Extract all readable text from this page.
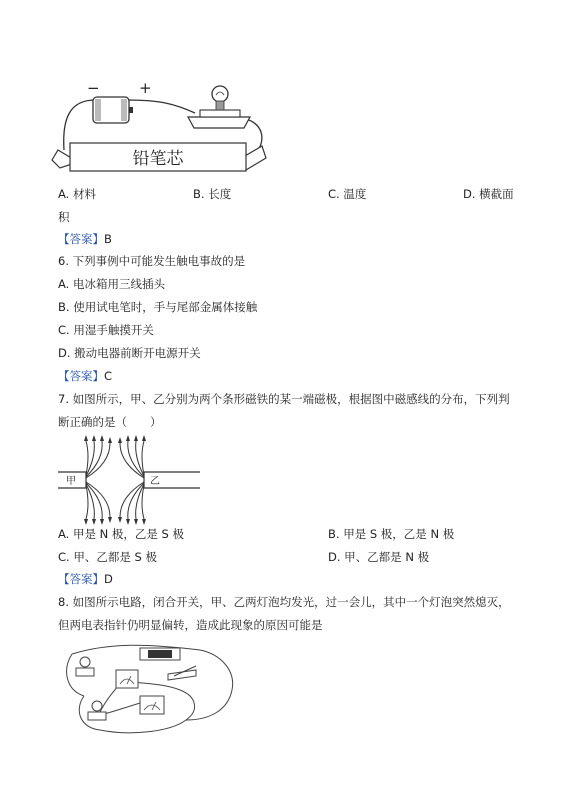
−	+
铅笔芯
A. 材料	B. 长度	C. 温度	D. 横截面
积
【答案】B
6. 下列事例中可能发生触电事故的是
A. 电冰箱用三线插头
B. 使用试电笔时，手与尾部金属体接触
C. 用湿手触摸开关
D. 搬动电器前断开电源开关
【答案】C
7. 如图所示，甲、乙分别为两个条形磁铁的某一端磁极，根据图中磁感线的分布，下列判
断正确的是（　　）
甲	乙
A. 甲是 N 极，乙是 S 极	B. 甲是 S 极，乙是 N 极
C. 甲、乙都是 S 极	D. 甲、乙都是 N 极
【答案】D
8. 如图所示电路，闭合开关，甲、乙两灯泡均发光，过一会儿，其中一个灯泡突然熄灭，
但两电表指针仍明显偏转，造成此现象的原因可能是
